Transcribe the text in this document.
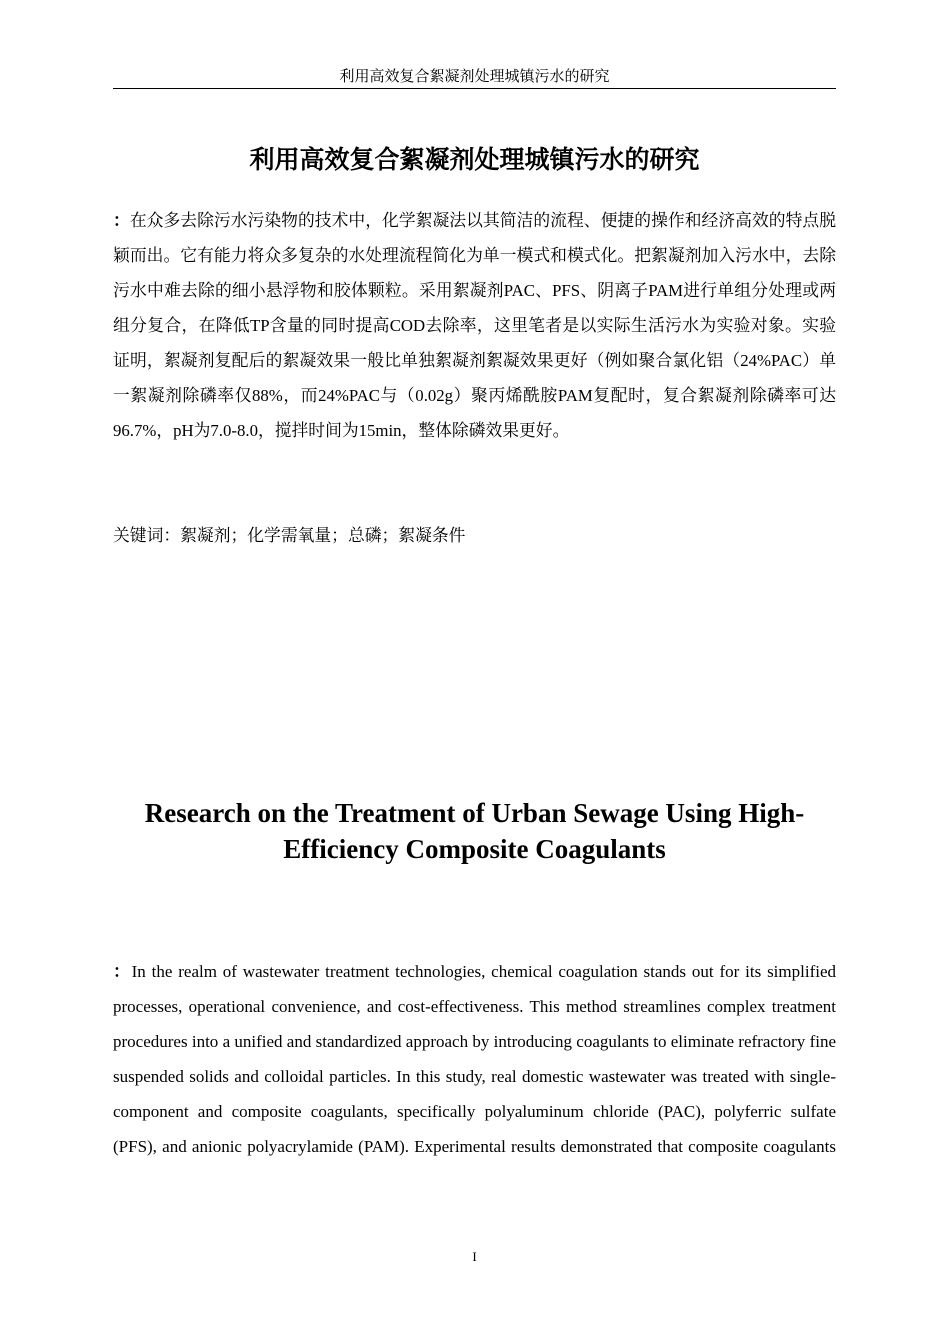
利用高效复合絮凝剂处理城镇污水的研究
利用高效复合絮凝剂处理城镇污水的研究

：在众多去除污水污染物的技术中，化学絮凝法以其简洁的流程、便捷的操作和经济高效的特点脱颖而出。它有能力将众多复杂的水处理流程简化为单一模式和模式化。把絮凝剂加入污水中，去除污水中难去除的细小悬浮物和胶体颗粒。采用絮凝剂PAC、PFS、阴离子PAM进行单组分处理或两组分复合，在降低TP含量的同时提高COD去除率，这里笔者是以实际生活污水为实验对象。实验证明，絮凝剂复配后的絮凝效果一般比单独絮凝剂絮凝效果更好（例如聚合氯化铝（24%PAC）单一絮凝剂除磷率仅88%，而24%PAC与（0.02g）聚丙烯酰胺PAM复配时，复合絮凝剂除磷率可达96.7%，pH为7.0-8.0，搅拌时间为15min，整体除磷效果更好。

关键词：絮凝剂；化学需氧量；总磷；絮凝条件

Research on the Treatment of Urban Sewage Using High-Efficiency Composite Coagulants

：In the realm of wastewater treatment technologies, chemical coagulation stands out for its simplified processes, operational convenience, and cost-effectiveness. This method streamlines complex treatment procedures into a unified and standardized approach by introducing coagulants to eliminate refractory fine suspended solids and colloidal particles. In this study, real domestic wastewater was treated with single-component and composite coagulants, specifically polyaluminum chloride (PAC), polyferric sulfate (PFS), and anionic polyacrylamide (PAM). Experimental results demonstrated that composite coagulants

I
